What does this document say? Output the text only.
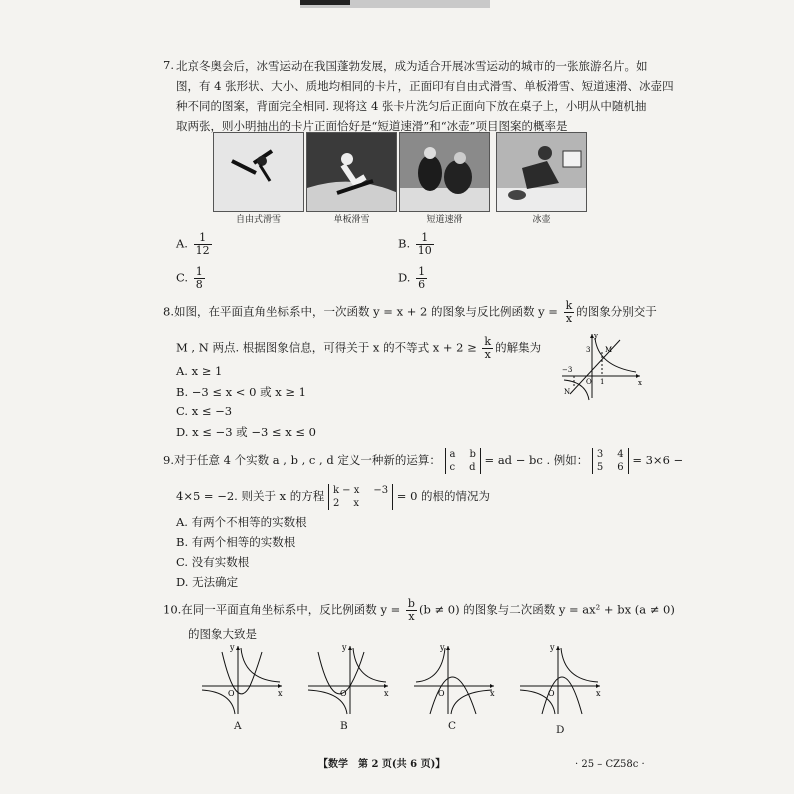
7. 北京冬奥会后，冰雪运动在我国蓬勃发展，成为适合开展冰雪运动的城市的一张旅游名片。如
图，有 4 张形状、大小、质地均相同的卡片，正面印有自由式滑雪、单板滑雪、短道速滑、冰壶四
种不同的图案，背面完全相同. 现将这 4 张卡片洗匀后正面向下放在桌子上，小明从中随机抽
取两张，则小明抽出的卡片正面恰好是“短道速滑”和“冰壶”项目图案的概率是
自由式滑雪	单板滑雪	短道速滑	冰壶
A. $\frac{1}{12}$	B. $\frac{1}{10}$
C. $\frac{1}{8}$	D. $\frac{1}{6}$
8.如图，在平面直角坐标系中，一次函数 y = x + 2 的图象与反比例函数 $y = \frac{k}{x}$ 的图象分别交于
M , N 两点. 根据图象信息，可得关于 x 的不等式 $x + 2 \ge \frac{k}{x}$ 的解集为
A. x ≥ 1
B. −3 ≤ x < 0 或 x ≥ 1
C. x ≤ −3
D. x ≤ −3 或 −3 ≤ x ≤ 0
y
x
M
N
O
−3
1
3
9.对于任意 4 个实数 a , b , c , d 定义一种新的运算： a b
c d
= ad − bc . 例如： 3 4
5 6
= 3×6 −
4×5 = −2. 则关于 x 的方程 k − x −3
2 x
= 0 的根的情况为
A. 有两个不相等的实数根
B. 有两个相等的实数根
C. 没有实数根
D. 无法确定
10.在同一平面直角坐标系中，反比例函数 $y = \frac{b}{x} (b \ne 0)$ 的图象与二次函数 y = ax² + bx (a ≠ 0)
的图象大致是
y
x
O
y
x
O
y
x
O
y
x
O
A	B	C	D
【数学　第 2 页(共 6 页)】	· 25 – CZ58c ·
